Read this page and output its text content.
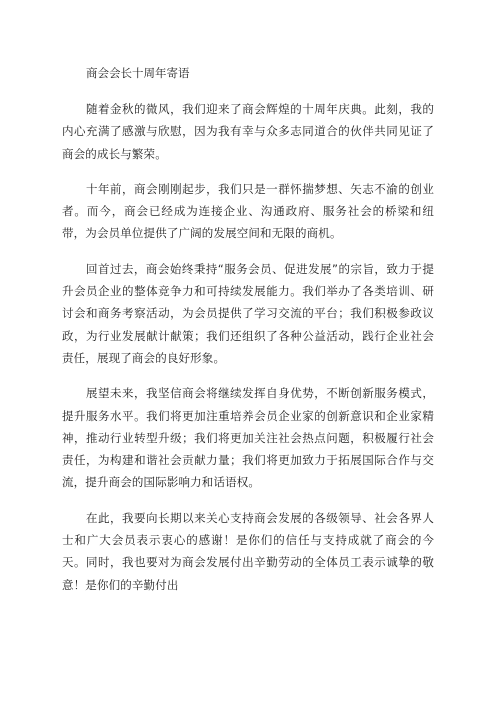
商会会长十周年寄语

随着金秋的微风，我们迎来了商会辉煌的十周年庆典。此刻，我的内心充满了感激与欣慰，因为我有幸与众多志同道合的伙伴共同见证了商会的成长与繁荣。

十年前，商会刚刚起步，我们只是一群怀揣梦想、矢志不渝的创业者。而今，商会已经成为连接企业、沟通政府、服务社会的桥梁和纽带，为会员单位提供了广阔的发展空间和无限的商机。

回首过去，商会始终秉持“服务会员、促进发展”的宗旨，致力于提升会员企业的整体竞争力和可持续发展能力。我们举办了各类培训、研讨会和商务考察活动，为会员提供了学习交流的平台；我们积极参政议政，为行业发展献计献策；我们还组织了各种公益活动，践行企业社会责任，展现了商会的良好形象。

展望未来，我坚信商会将继续发挥自身优势，不断创新服务模式，提升服务水平。我们将更加注重培养会员企业家的创新意识和企业家精神，推动行业转型升级；我们将更加关注社会热点问题，积极履行社会责任，为构建和谐社会贡献力量；我们将更加致力于拓展国际合作与交流，提升商会的国际影响力和话语权。

在此，我要向长期以来关心支持商会发展的各级领导、社会各界人士和广大会员表示衷心的感谢！是你们的信任与支持成就了商会的今天。同时，我也要对为商会发展付出辛勤劳动的全体员工表示诚挚的敬意！是你们的辛勤付出
